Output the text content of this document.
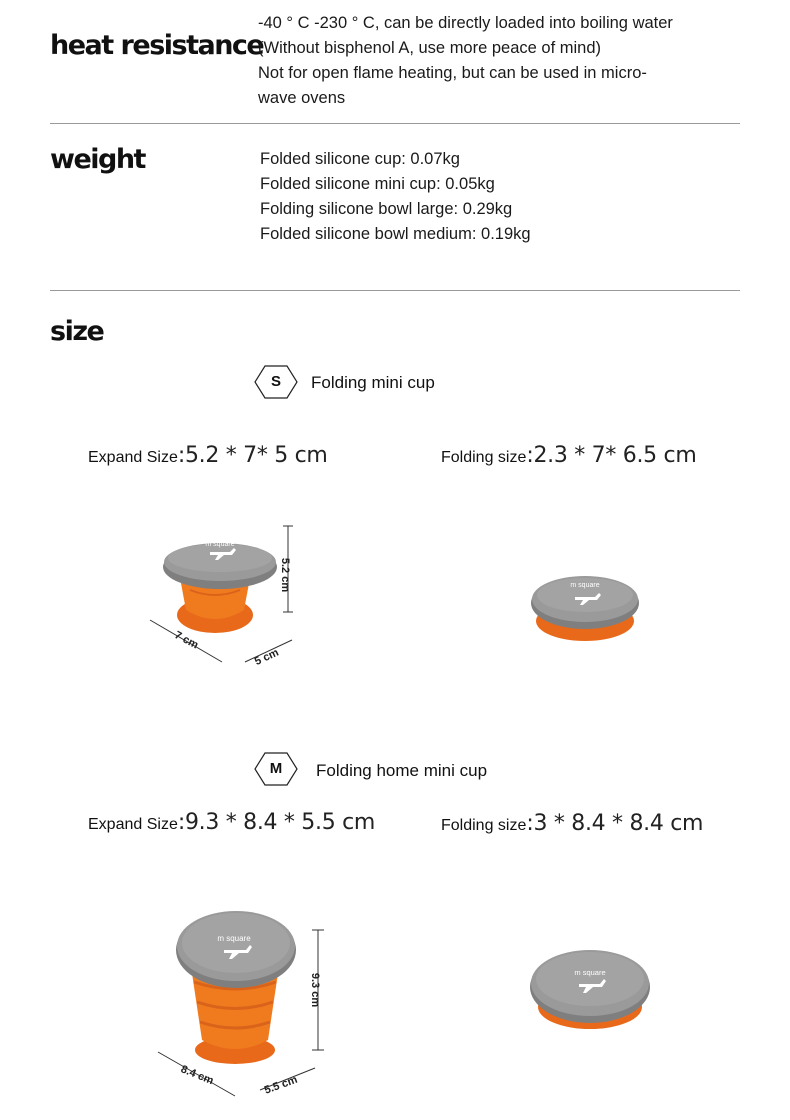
heat resistance
-40 ° C -230 ° C, can be directly loaded into boiling water
(Without bisphenol A, use more peace of mind)
Not for open flame heating, but can be used in micro-
wave ovens
weight	Folded silicone cup: 0.07kg
Folded silicone mini cup: 0.05kg
Folding silicone bowl large: 0.29kg
Folded silicone bowl medium: 0.19kg
size
S	Folding mini cup
Expand Size:5.2 * 7* 5 cm	Folding size:2.3 * 7* 6.5 cm
m square
5.2 cm
7 cm
5 cm
m square
M	Folding home mini cup
Expand Size:9.3 * 8.4 * 5.5 cm	Folding size:3 * 8.4 * 8.4 cm
m square
9.3 cm
8.4 cm	5.5 cm
m square
